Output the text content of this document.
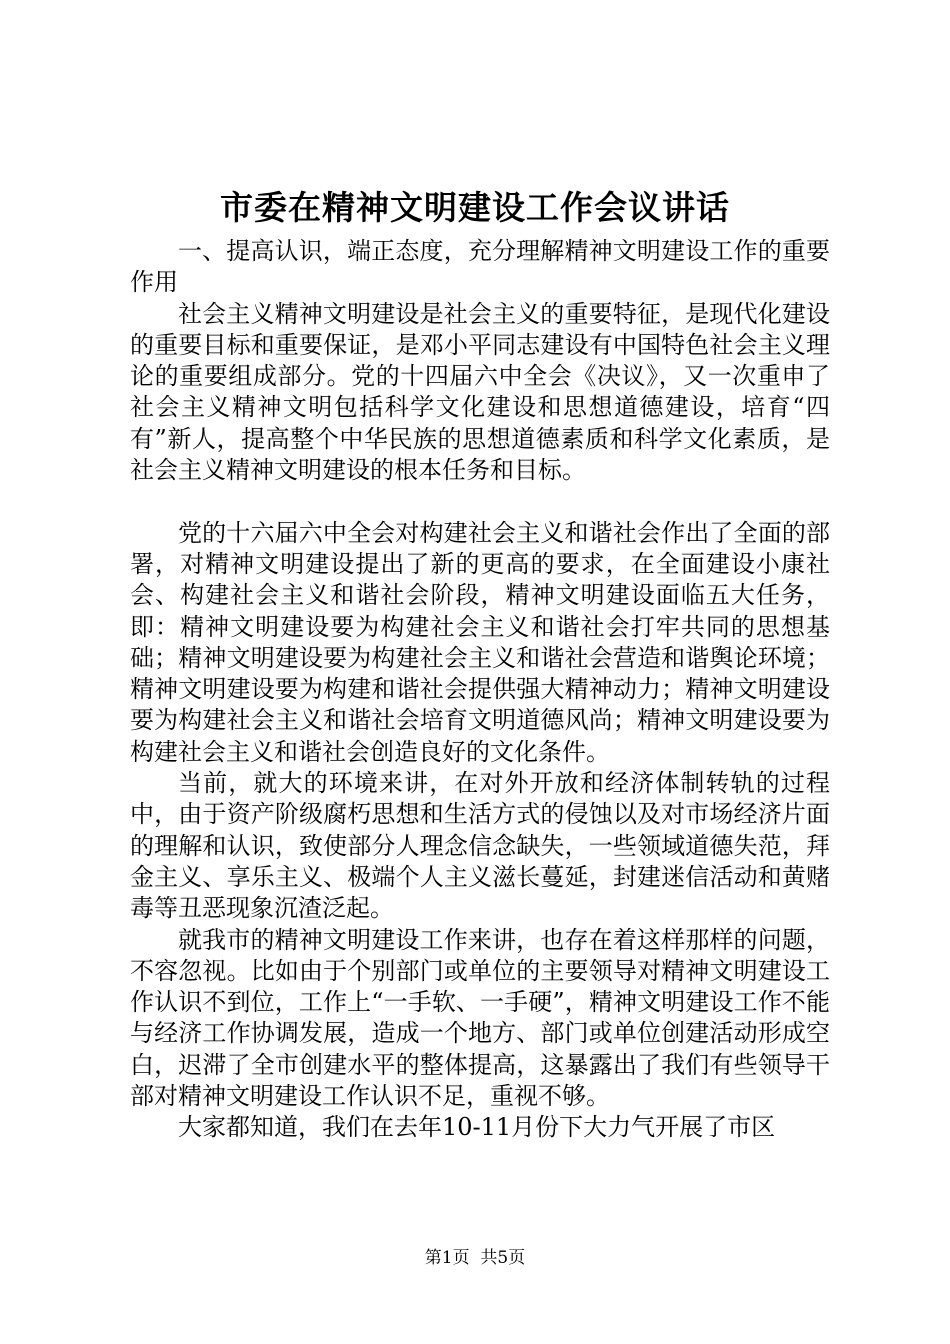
市委在精神文明建设工作会议讲话

一、提高认识，端正态度，充分理解精神文明建设工作的重要作用

社会主义精神文明建设是社会主义的重要特征，是现代化建设的重要目标和重要保证，是邓小平同志建设有中国特色社会主义理论的重要组成部分。党的十四届六中全会《决议》，又一次重申了社会主义精神文明包括科学文化建设和思想道德建设，培育“四有”新人，提高整个中华民族的思想道德素质和科学文化素质，是社会主义精神文明建设的根本任务和目标。

党的十六届六中全会对构建社会主义和谐社会作出了全面的部署，对精神文明建设提出了新的更高的要求，在全面建设小康社会、构建社会主义和谐社会阶段，精神文明建设面临五大任务，即：精神文明建设要为构建社会主义和谐社会打牢共同的思想基础；精神文明建设要为构建社会主义和谐社会营造和谐舆论环境；精神文明建设要为构建和谐社会提供强大精神动力；精神文明建设要为构建社会主义和谐社会培育文明道德风尚；精神文明建设要为构建社会主义和谐社会创造良好的文化条件。

当前，就大的环境来讲，在对外开放和经济体制转轨的过程中，由于资产阶级腐朽思想和生活方式的侵蚀以及对市场经济片面的理解和认识，致使部分人理念信念缺失，一些领域道德失范，拜金主义、享乐主义、极端个人主义滋长蔓延，封建迷信活动和黄赌毒等丑恶现象沉渣泛起。

就我市的精神文明建设工作来讲，也存在着这样那样的问题，不容忽视。比如由于个别部门或单位的主要领导对精神文明建设工作认识不到位，工作上“一手软、一手硬”，精神文明建设工作不能与经济工作协调发展，造成一个地方、部门或单位创建活动形成空白，迟滞了全市创建水平的整体提高，这暴露出了我们有些领导干部对精神文明建设工作认识不足，重视不够。

大家都知道，我们在去年10-11月份下大力气开展了市区

第1页  共5页
